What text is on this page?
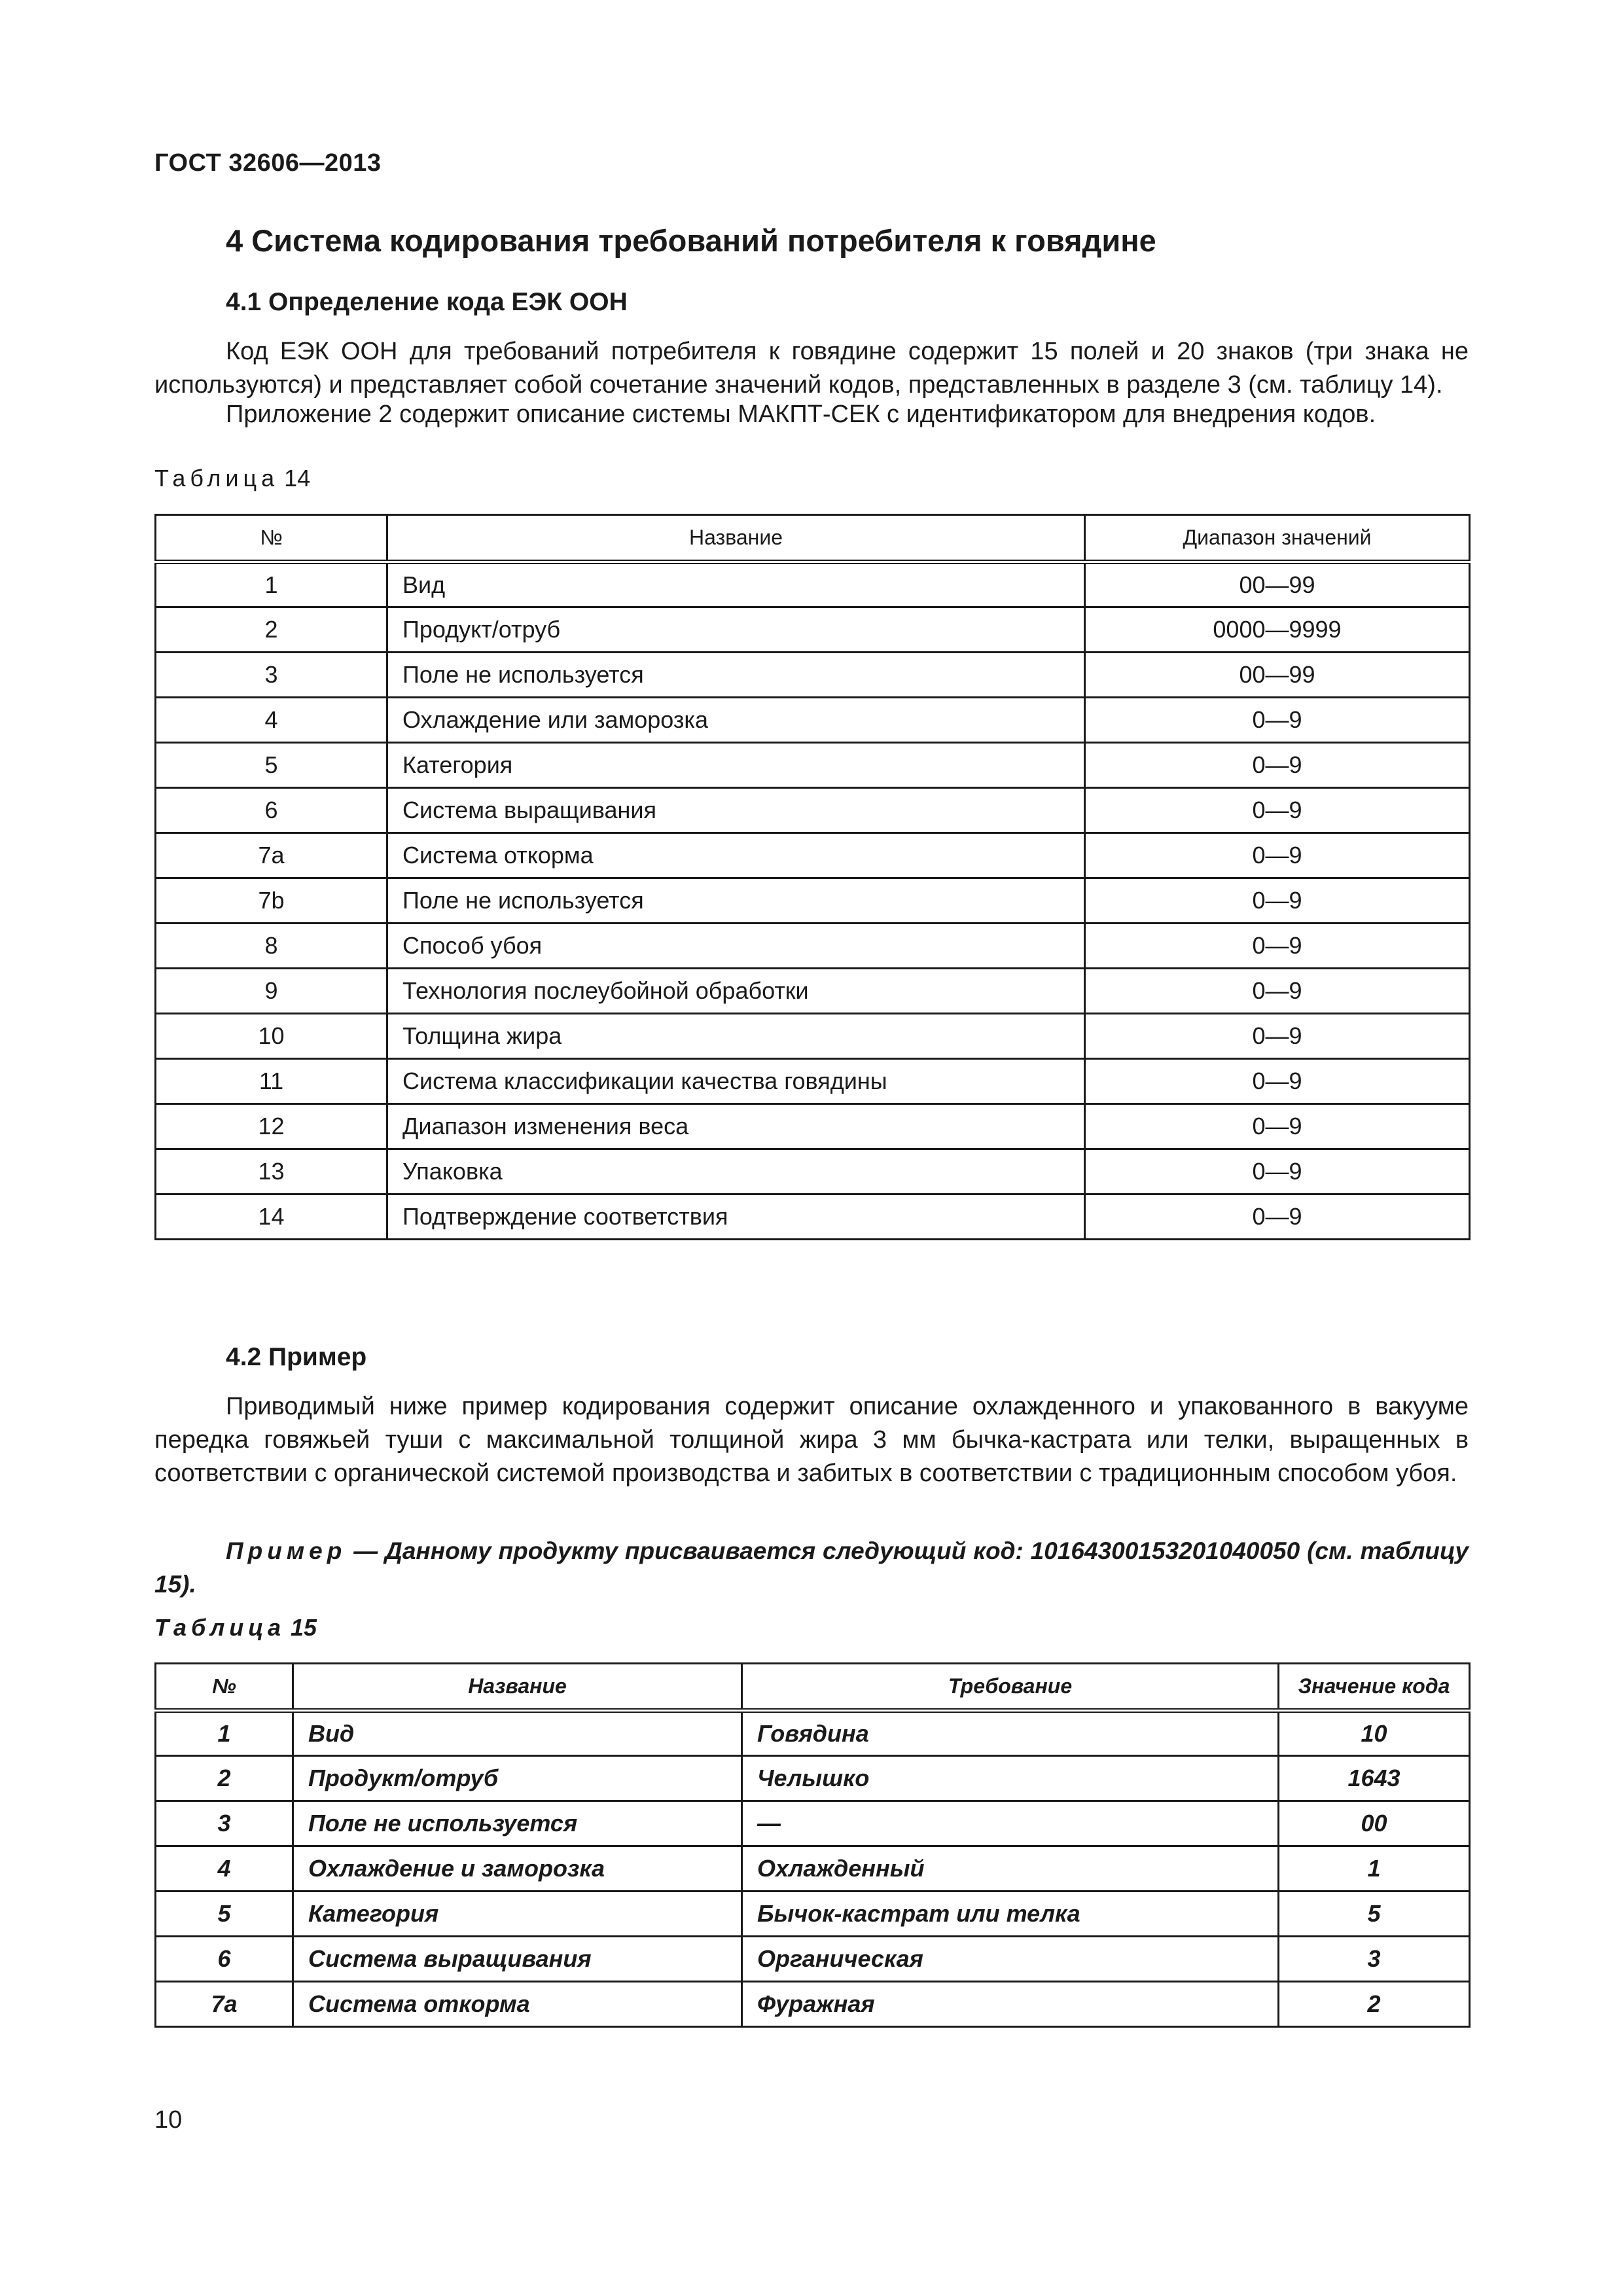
ГОСТ 32606—2013
4 Система кодирования требований потребителя к говядине
4.1 Определение кода ЕЭК ООН
Код ЕЭК ООН для требований потребителя к говядине содержит 15 полей и 20 знаков (три знака не используются) и представляет собой сочетание значений кодов, представленных в разделе 3 (см. таблицу 14).
Приложение 2 содержит описание системы МАКПТ-СЕК с идентификатором для внедрения кодов.
Таблица 14
№	Название	Диапазон значений
1	Вид	00—99
2	Продукт/отруб	0000—9999
3	Поле не используется	00—99
4	Охлаждение или заморозка	0—9
5	Категория	0—9
6	Система выращивания	0—9
7а	Система откорма	0—9
7b	Поле не используется	0—9
8	Способ убоя	0—9
9	Технология послеубойной обработки	0—9
10	Толщина жира	0—9
11	Система классификации качества говядины	0—9
12	Диапазон изменения веса	0—9
13	Упаковка	0—9
14	Подтверждение соответствия	0—9
4.2 Пример
Приводимый ниже пример кодирования содержит описание охлажденного и упакованного в вакууме передка говяжьей туши с максимальной толщиной жира 3 мм бычка-кастрата или телки, выращенных в соответствии с органической системой производства и забитых в соответствии с традиционным способом убоя.
Пример — Данному продукту присваивается следующий код: 10164300153201040050 (см. таблицу 15).
Таблица 15
№	Название	Требование	Значение кода
1	Вид	Говядина	10
2	Продукт/отруб	Челышко	1643
3	Поле не используется	—	00
4	Охлаждение и заморозка	Охлажденный	1
5	Категория	Бычок-кастрат или телка	5
6	Система выращивания	Органическая	3
7а	Система откорма	Фуражная	2
10
